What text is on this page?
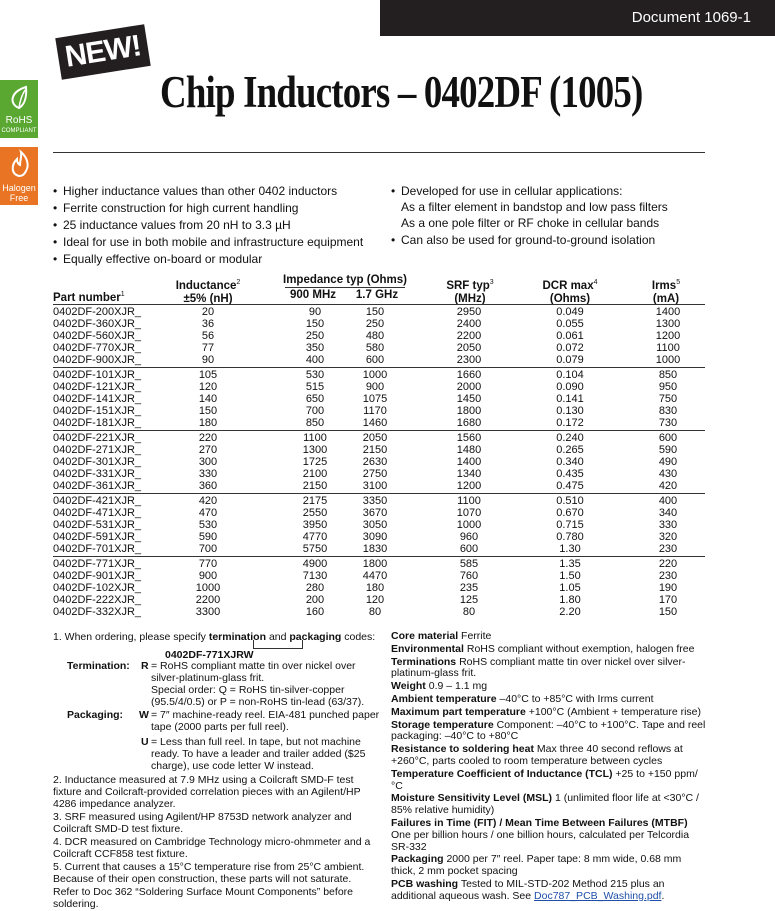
Document 1069-1
NEW!
Chip Inductors – 0402DF (1005)
RoHS
COMPLIANT
Halogen
Free
•	Higher inductance values than other 0402 inductors
• Ferrite construction for high current handling
• 25 inductance values from 20 nH to 3.3 µH
• Ideal for use in both mobile and infrastructure equipment
• Equally effective on-board or modular
• Developed for use in cellular applications:
As a filter element in bandstop and low pass filters
As a one pole filter or RF choke in cellular bands
• Can also be used for ground-to-ground isolation
Part number$^1$
Inductance$^2$
±5% (nH)
Impedance typ (Ohms)
900 MHz	1.7 GHz
SRF typ$^3$
(MHz)
DCR $\max^4$
(Ohms)
Irms$^5$
(mA)
0402DF-200XJR_	20	90	150	2950	0.049	1400
0402DF-360XJR_	36	150	250	2400	0.055	1300
0402DF-560XJR_	56	250	480	2200	0.061	1200
0402DF-770XJR_	77	350	580	2050	0.072	1100
0402DF-900XJR_	90	400	600	2300	0.079	1000
0402DF-101XJR_	105	530	1000	1660	0.104	850
0402DF-121XJR_	120	515	900	2000	0.090	950
0402DF-141XJR_	140	650	1075	1450	0.141	750
0402DF-151XJR_	150	700	1170	1800	0.130	830
0402DF-181XJR_	180	850	1460	1680	0.172	730
0402DF-221XJR_	220	1100	2050	1560	0.240	600
0402DF-271XJR_	270	1300	2150	1480	0.265	590
0402DF-301XJR_	300	1725	2630	1400	0.340	490
0402DF-331XJR_	330	2100	2750	1340	0.435	430
0402DF-361XJR_	360	2150	3100	1200	0.475	420
0402DF-421XJR_	420	2175	3350	1100	0.510	400
0402DF-471XJR_	470	2550	3670	1070	0.670	340
0402DF-531XJR_	530	3950	3050	1000	0.715	330
0402DF-591XJR_	590	4770	3090	960	0.780	320
0402DF-701XJR_	700	5750	1830	600	1.30	230
0402DF-771XJR_	770	4900	1800	585	1.35	220
0402DF-901XJR_	900	7130	4470	760	1.50	230
0402DF-102XJR_	1000	280	180	235	1.05	190
0402DF-222XJR_	2200	200	120	125	1.80	170
0402DF-332XJR_	3300	160	80	80	2.20	150

1. When ordering, please specify termination and packaging codes:

0402DF-771XJRW

Termination: R = RoHS compliant matte tin over nickel over silver-platinum-glass frit.
Special order: Q = RoHS tin-silver-copper (95.5/4/0.5) or P = non-RoHS tin-lead (63/37).
Packaging: W = 7″ machine-ready reel. EIA-481 punched paper tape (2000 parts per full reel).
U = Less than full reel. In tape, but not machine ready. To have a leader and trailer added ($25 charge), use code letter W instead.

2. Inductance measured at 7.9 MHz using a Coilcraft SMD-F test fixture and Coilcraft-provided correlation pieces with an Agilent/HP 4286 impedance analyzer.

3. SRF measured using Agilent/HP 8753D network analyzer and Coilcraft SMD-D test fixture.

4. DCR measured on Cambridge Technology micro-ohmmeter and a Coilcraft CCF858 test fixture.

5. Current that causes a 15°C temperature rise from 25°C ambient. Because of their open construction, these parts will not saturate.

Refer to Doc 362 “Soldering Surface Mount Components” before soldering.

Core material Ferrite

Environmental RoHS compliant without exemption, halogen free

Terminations RoHS compliant matte tin over nickel over silver-platinum-glass frit.

Weight 0.9 – 1.1 mg

Ambient temperature –40°C to +85°C with Irms current

Maximum part temperature +100°C (Ambient + temperature rise)

Storage temperature Component: –40°C to +100°C. Tape and reel packaging: –40°C to +80°C

Resistance to soldering heat Max three 40 second reflows at +260°C, parts cooled to room temperature between cycles

Temperature Coefficient of Inductance (TCL) +25 to +150 ppm/°C

Moisture Sensitivity Level (MSL) 1 (unlimited floor life at <30°C / 85% relative humidity)

Failures in Time (FIT) / Mean Time Between Failures (MTBF)
One per billion hours / one billion hours, calculated per Telcordia SR-332

Packaging 2000 per 7″ reel. Paper tape: 8 mm wide, 0.68 mm thick, 2 mm pocket spacing

PCB washing Tested to MIL-STD-202 Method 215 plus an additional aqueous wash. See Doc787_PCB_Washing.pdf.
